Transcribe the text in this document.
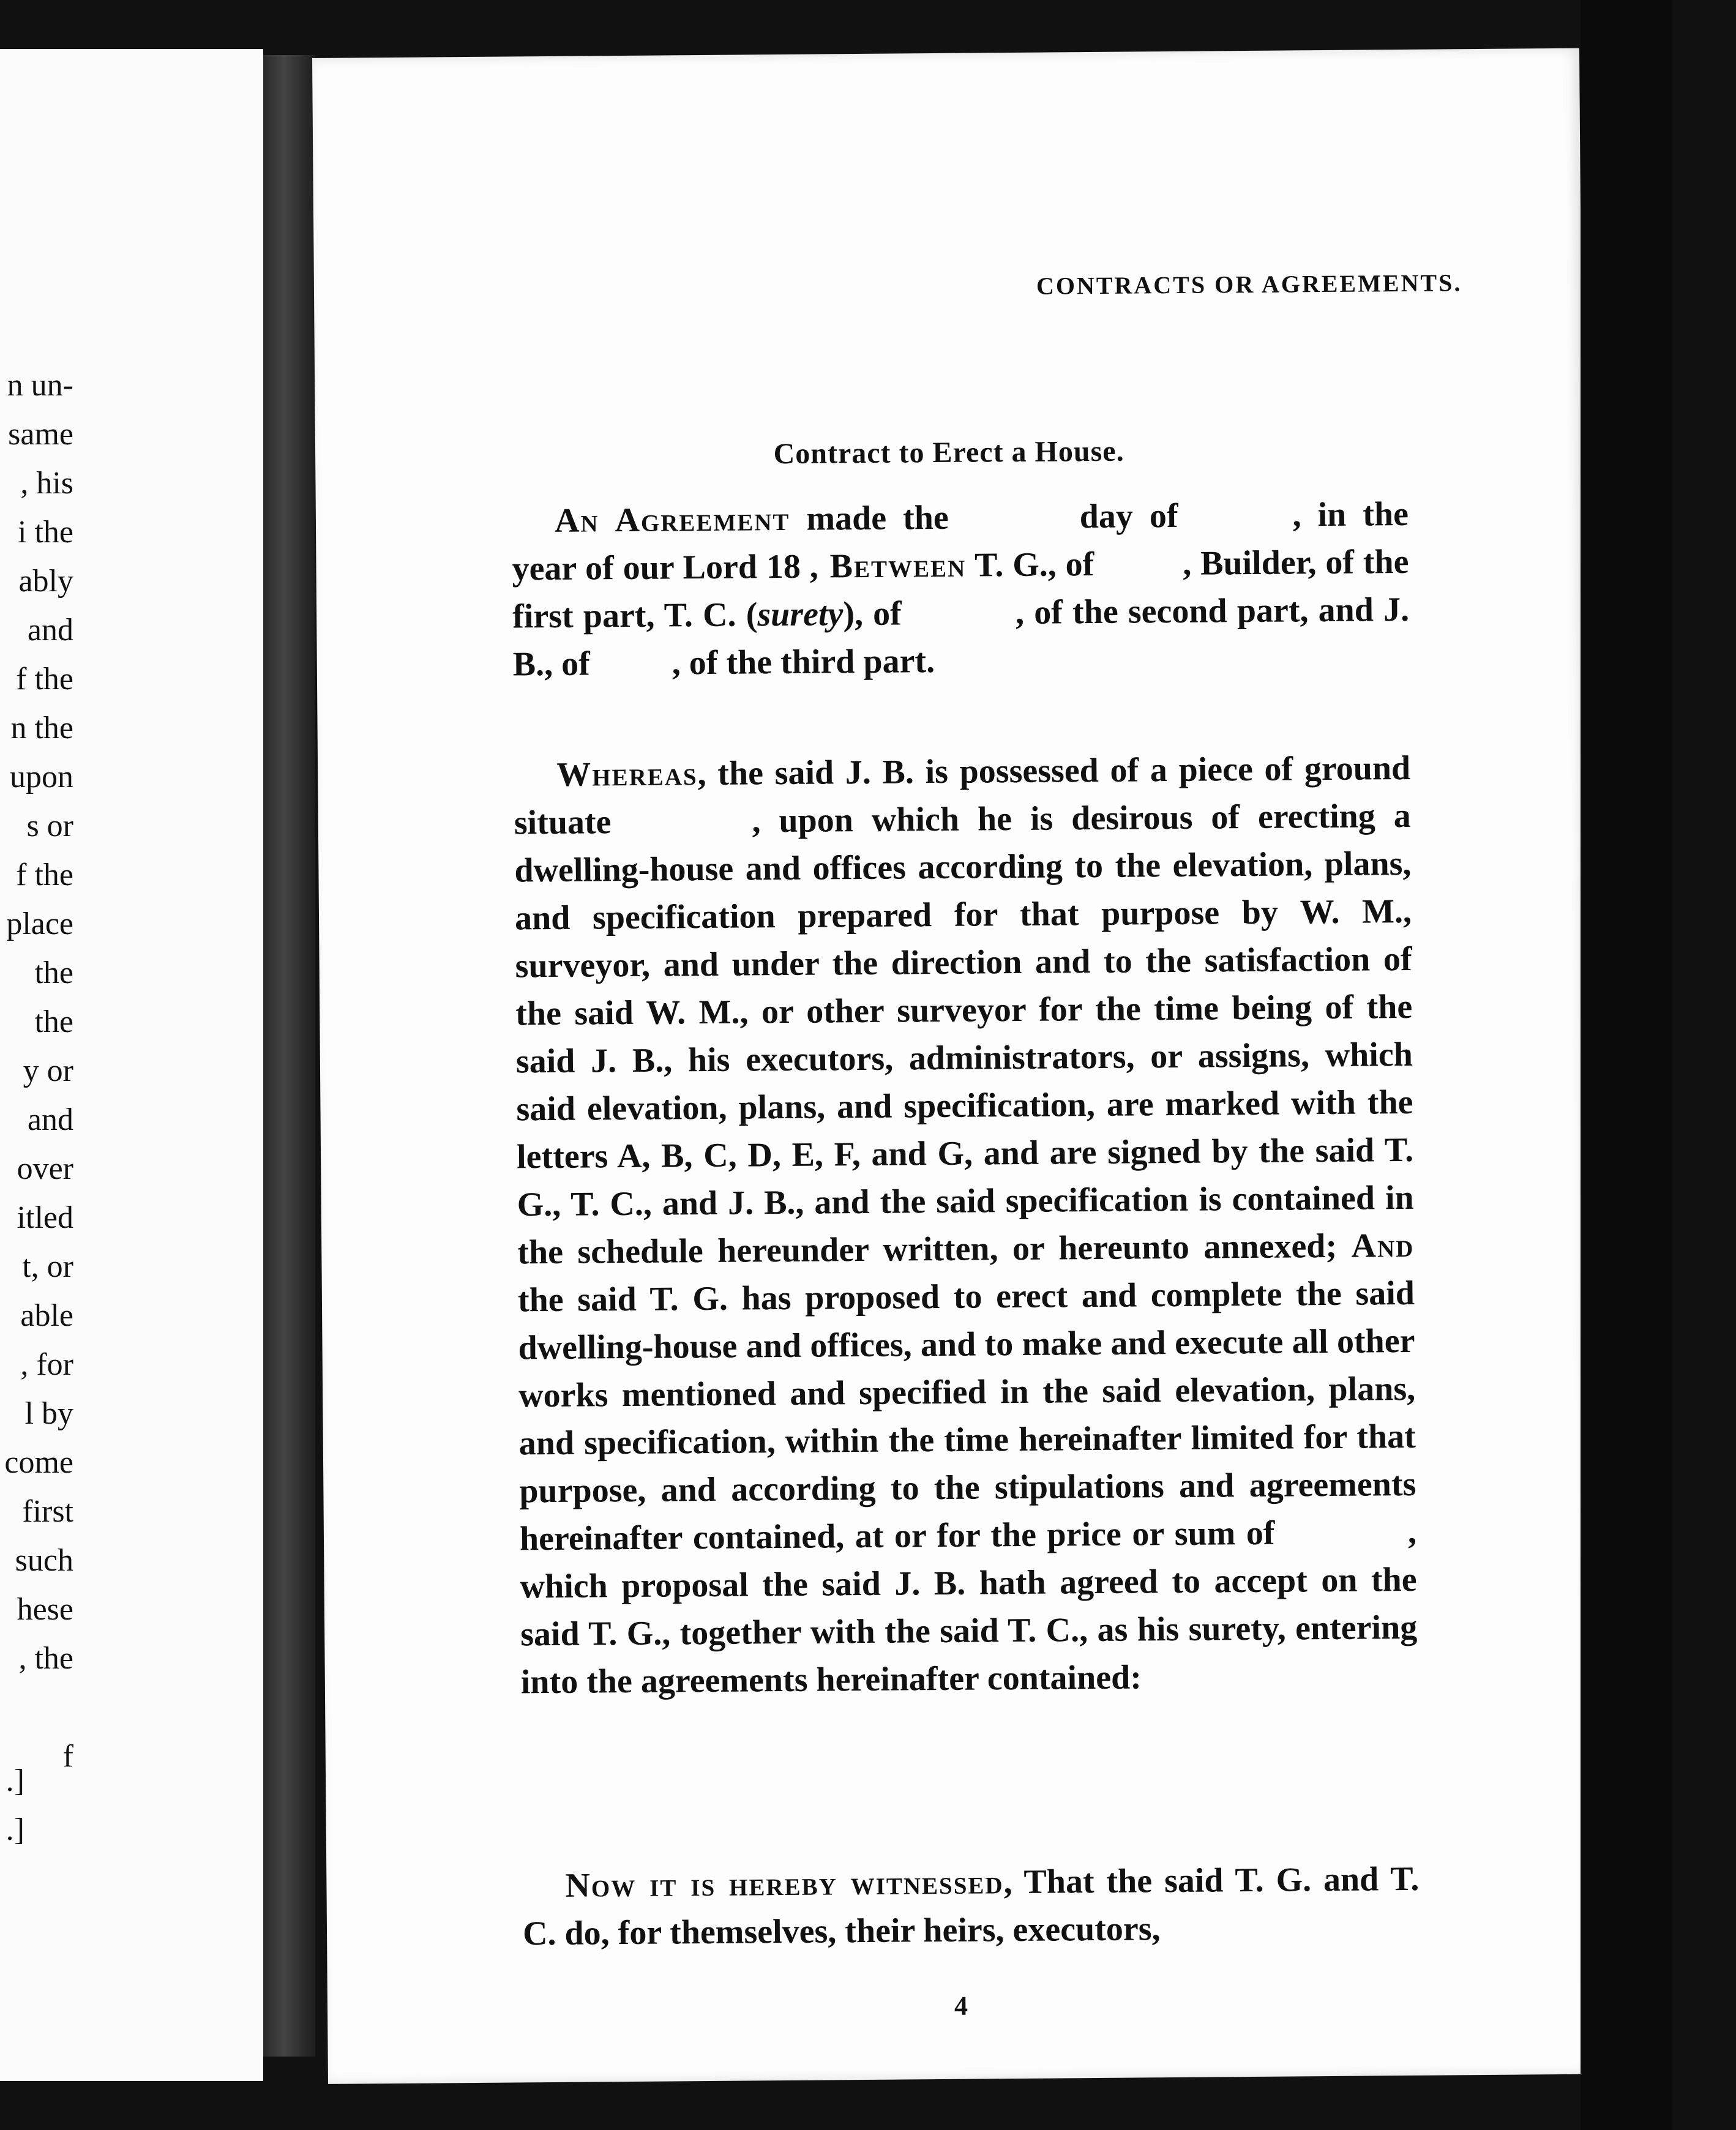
n un-
same
, his
i the
ably
and
f the
n the
upon
s or
f the
place
the
the
y or
and
over
itled
t, or
able
, for
l by
come
first
such
hese
, the

f
.]
.]
CONTRACTS OR AGREEMENTS.	37
Contract to Erect a House.
An Agreement made the	day of	, in the year of our Lord 18 , Between T. G., of , Builder, of the first part, T. C. (surety), of	, of the second part, and J. B., of , of the third part.
Whereas, the said J. B. is possessed of a piece of ground situate	, upon which he is desirous of erecting a dwelling-house and offices according to the elevation, plans, and specification prepared for that purpose by W. M., surveyor, and under the direction and to the satisfaction of the said W. M., or other surveyor for the time being of the said J. B., his executors, administrators, or assigns, which said elevation, plans, and specification, are marked with the letters A, B, C, D, E, F, and G, and are signed by the said T. G., T. C., and J. B., and the said specification is contained in the schedule hereunder written, or hereunto annexed; And the said T. G. has proposed to erect and complete the said dwelling-house and offices, and to make and execute all other works mentioned and specified in the said elevation, plans, and specification, within the time hereinafter limited for that purpose, and according to the stipulations and agreements hereinafter contained, at or for the price or sum of	, which proposal the said J. B. hath agreed to accept on the said T. G., together with the said T. C., as his surety, entering into the agreements hereinafter contained:
Now it is hereby witnessed, That the said T. G. and T. C. do, for themselves, their heirs, executors,
4
